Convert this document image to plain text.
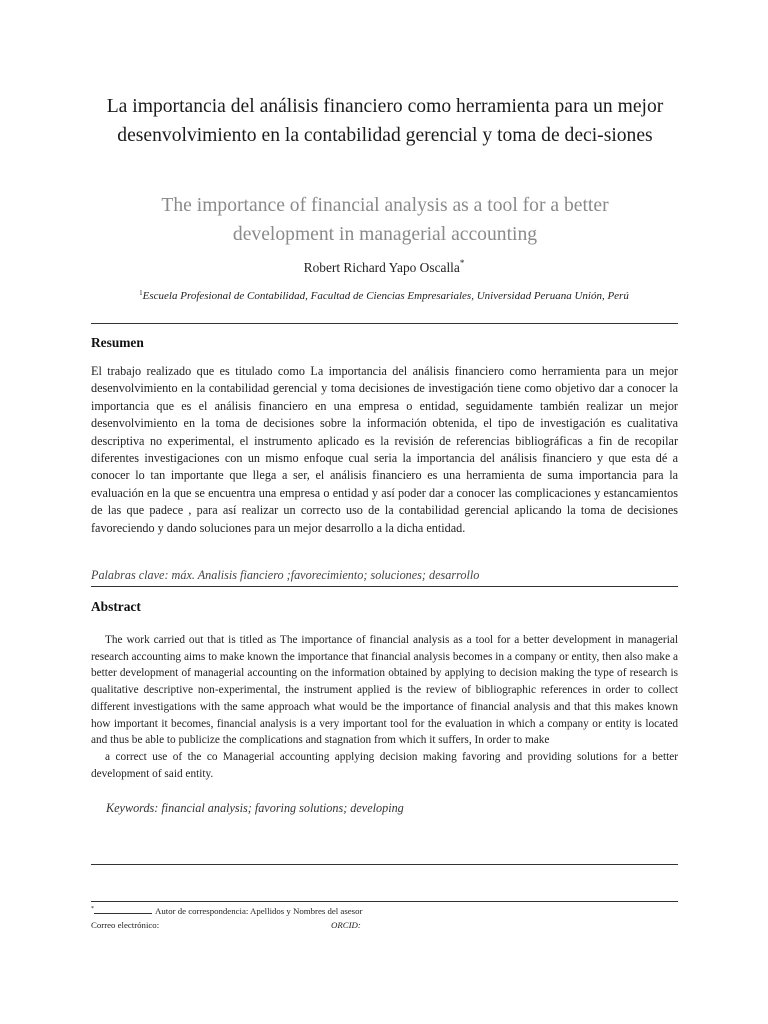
La importancia del análisis financiero como herramienta para un mejor desenvolvimiento en la contabilidad gerencial y toma de deci-siones
The importance of financial analysis as a tool for a better development in managerial accounting
Robert Richard Yapo Oscalla*
$^1$Escuela Profesional de Contabilidad, Facultad de Ciencias Empresariales, Universidad Peruana Unión, Perú
Resumen
El trabajo realizado que es titulado como La importancia del análisis financiero como herramienta para un mejor desenvolvimiento en la contabilidad gerencial y toma decisiones de investigación tiene como objetivo dar a conocer la importancia que es el análisis financiero en una empresa o entidad, seguidamente también realizar un mejor desenvolvimiento en la toma de decisiones sobre la información obtenida, el tipo de investigación es cualitativa descriptiva no experimental, el instrumento aplicado es la revisión de referencias bibliográficas a fin de recopilar diferentes investigaciones con un mismo enfoque cual seria la importancia del análisis financiero y que esta dé a conocer lo tan importante que llega a ser, el análisis financiero es una herramienta de suma importancia para la evaluación en la que se encuentra una empresa o entidad y así poder dar a conocer las complicaciones y estancamientos de las que padece , para así realizar un correcto uso de la contabilidad gerencial aplicando la toma de decisiones favoreciendo y dando soluciones para un mejor desarrollo a la dicha entidad.
Palabras clave: máx. Analisis fianciero ;favorecimiento; soluciones; desarrollo
Abstract

The work carried out that is titled as The importance of financial analysis as a tool for a better development in managerial research accounting aims to make known the importance that financial analysis becomes in a company or entity, then also make a better development of managerial accounting on the information obtained by applying to decision making the type of research is qualitative descriptive non-experimental, the instrument applied is the review of bibliographic references in order to collect different investigations with the same approach what would be the importance of financial analysis and that this makes known how important it becomes, financial analysis is a very important tool for the evaluation in which a company or entity is located and thus be able to publicize the complications and stagnation from which it suffers, In order to make

a correct use of the co Managerial accounting applying decision making favoring and providing solutions for a better development of said entity.

Keywords: financial analysis; favoring solutions; developing
*	Autor de correspondencia: Apellidos y Nombres del asesor
Correo electrónico:	ORCID:
